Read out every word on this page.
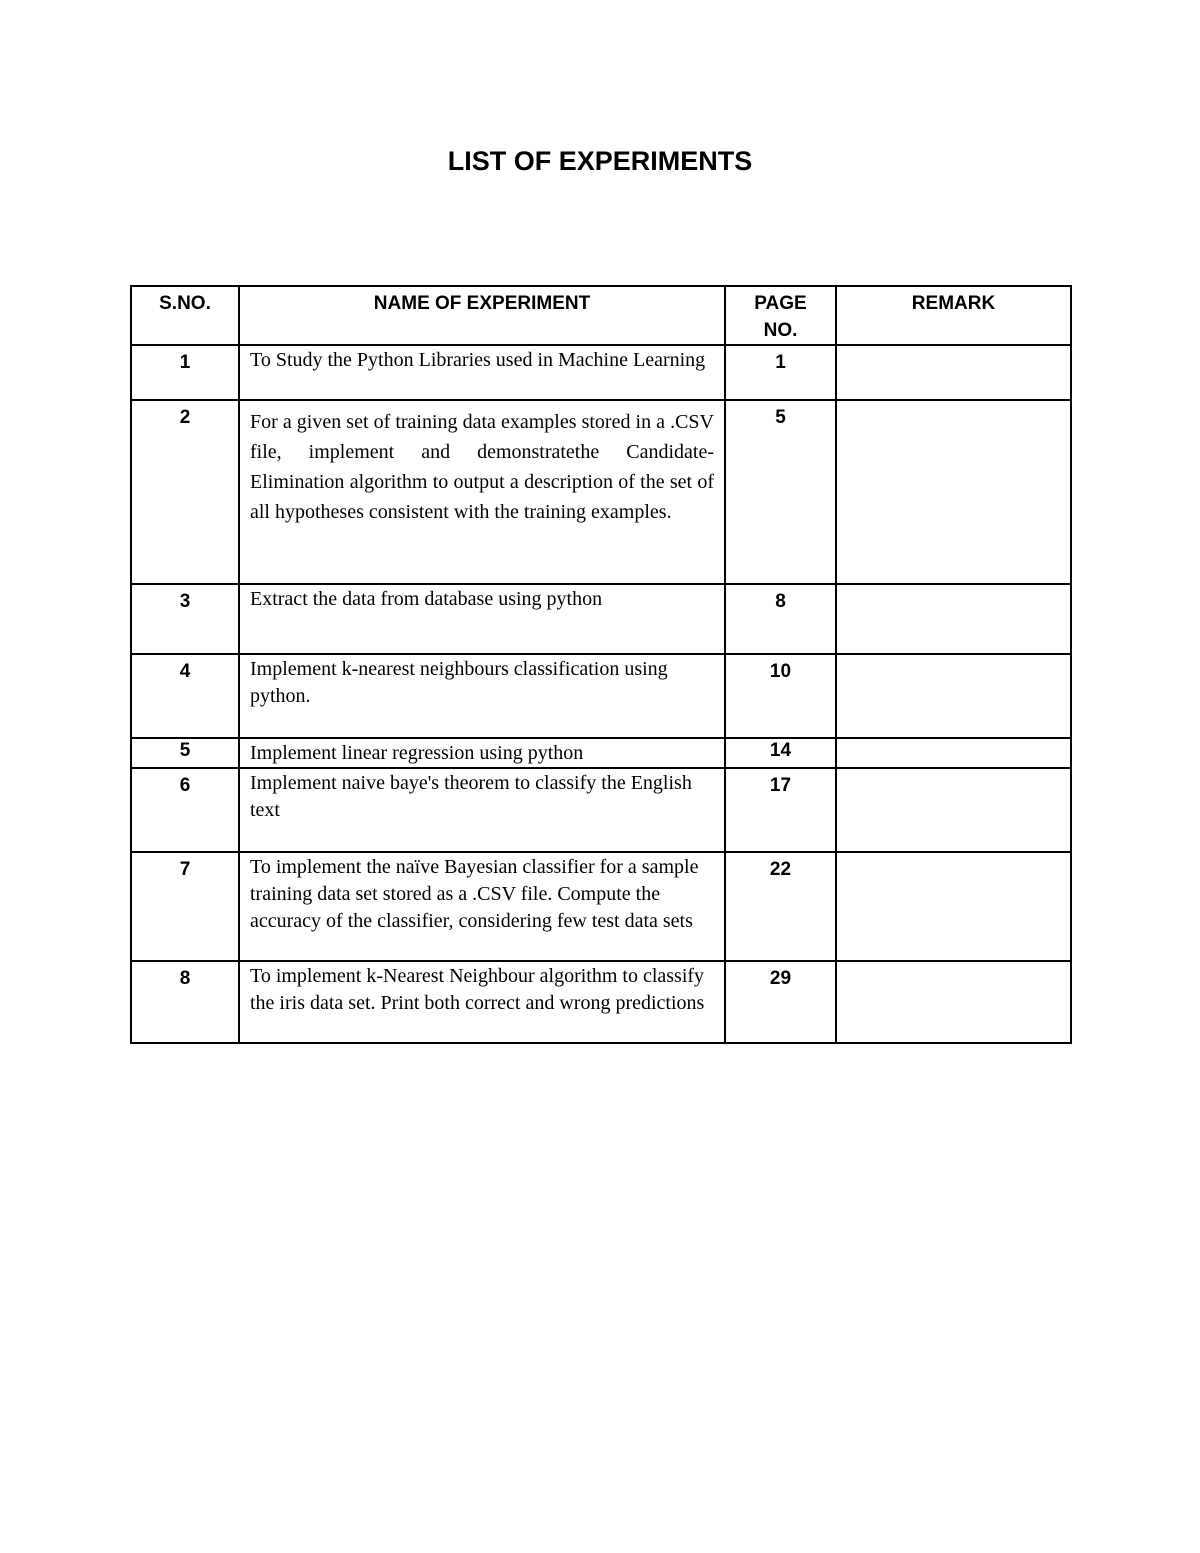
LIST OF EXPERIMENTS
S.NO.	NAME OF EXPERIMENT	PAGE NO.	REMARK
1	To Study the Python Libraries used in Machine Learning	1	
2	For a given set of training data examples stored in a .CSV file, implement and demonstratethe Candidate-Elimination algorithm to output a description of the set of all hypotheses consistent with the training examples.	5	
3	Extract the data from database using python	8	
4	Implement k-nearest neighbours classification using python.	10	
5	Implement linear regression using python	14	
6	Implement naive baye's theorem to classify the English text	17	
7	To implement the naïve Bayesian classifier for a sample training data set stored as a .CSV file. Compute the accuracy of the classifier, considering few test data sets	22	
8	To implement k-Nearest Neighbour algorithm to classify the iris data set. Print both correct and wrong predictions	29	
